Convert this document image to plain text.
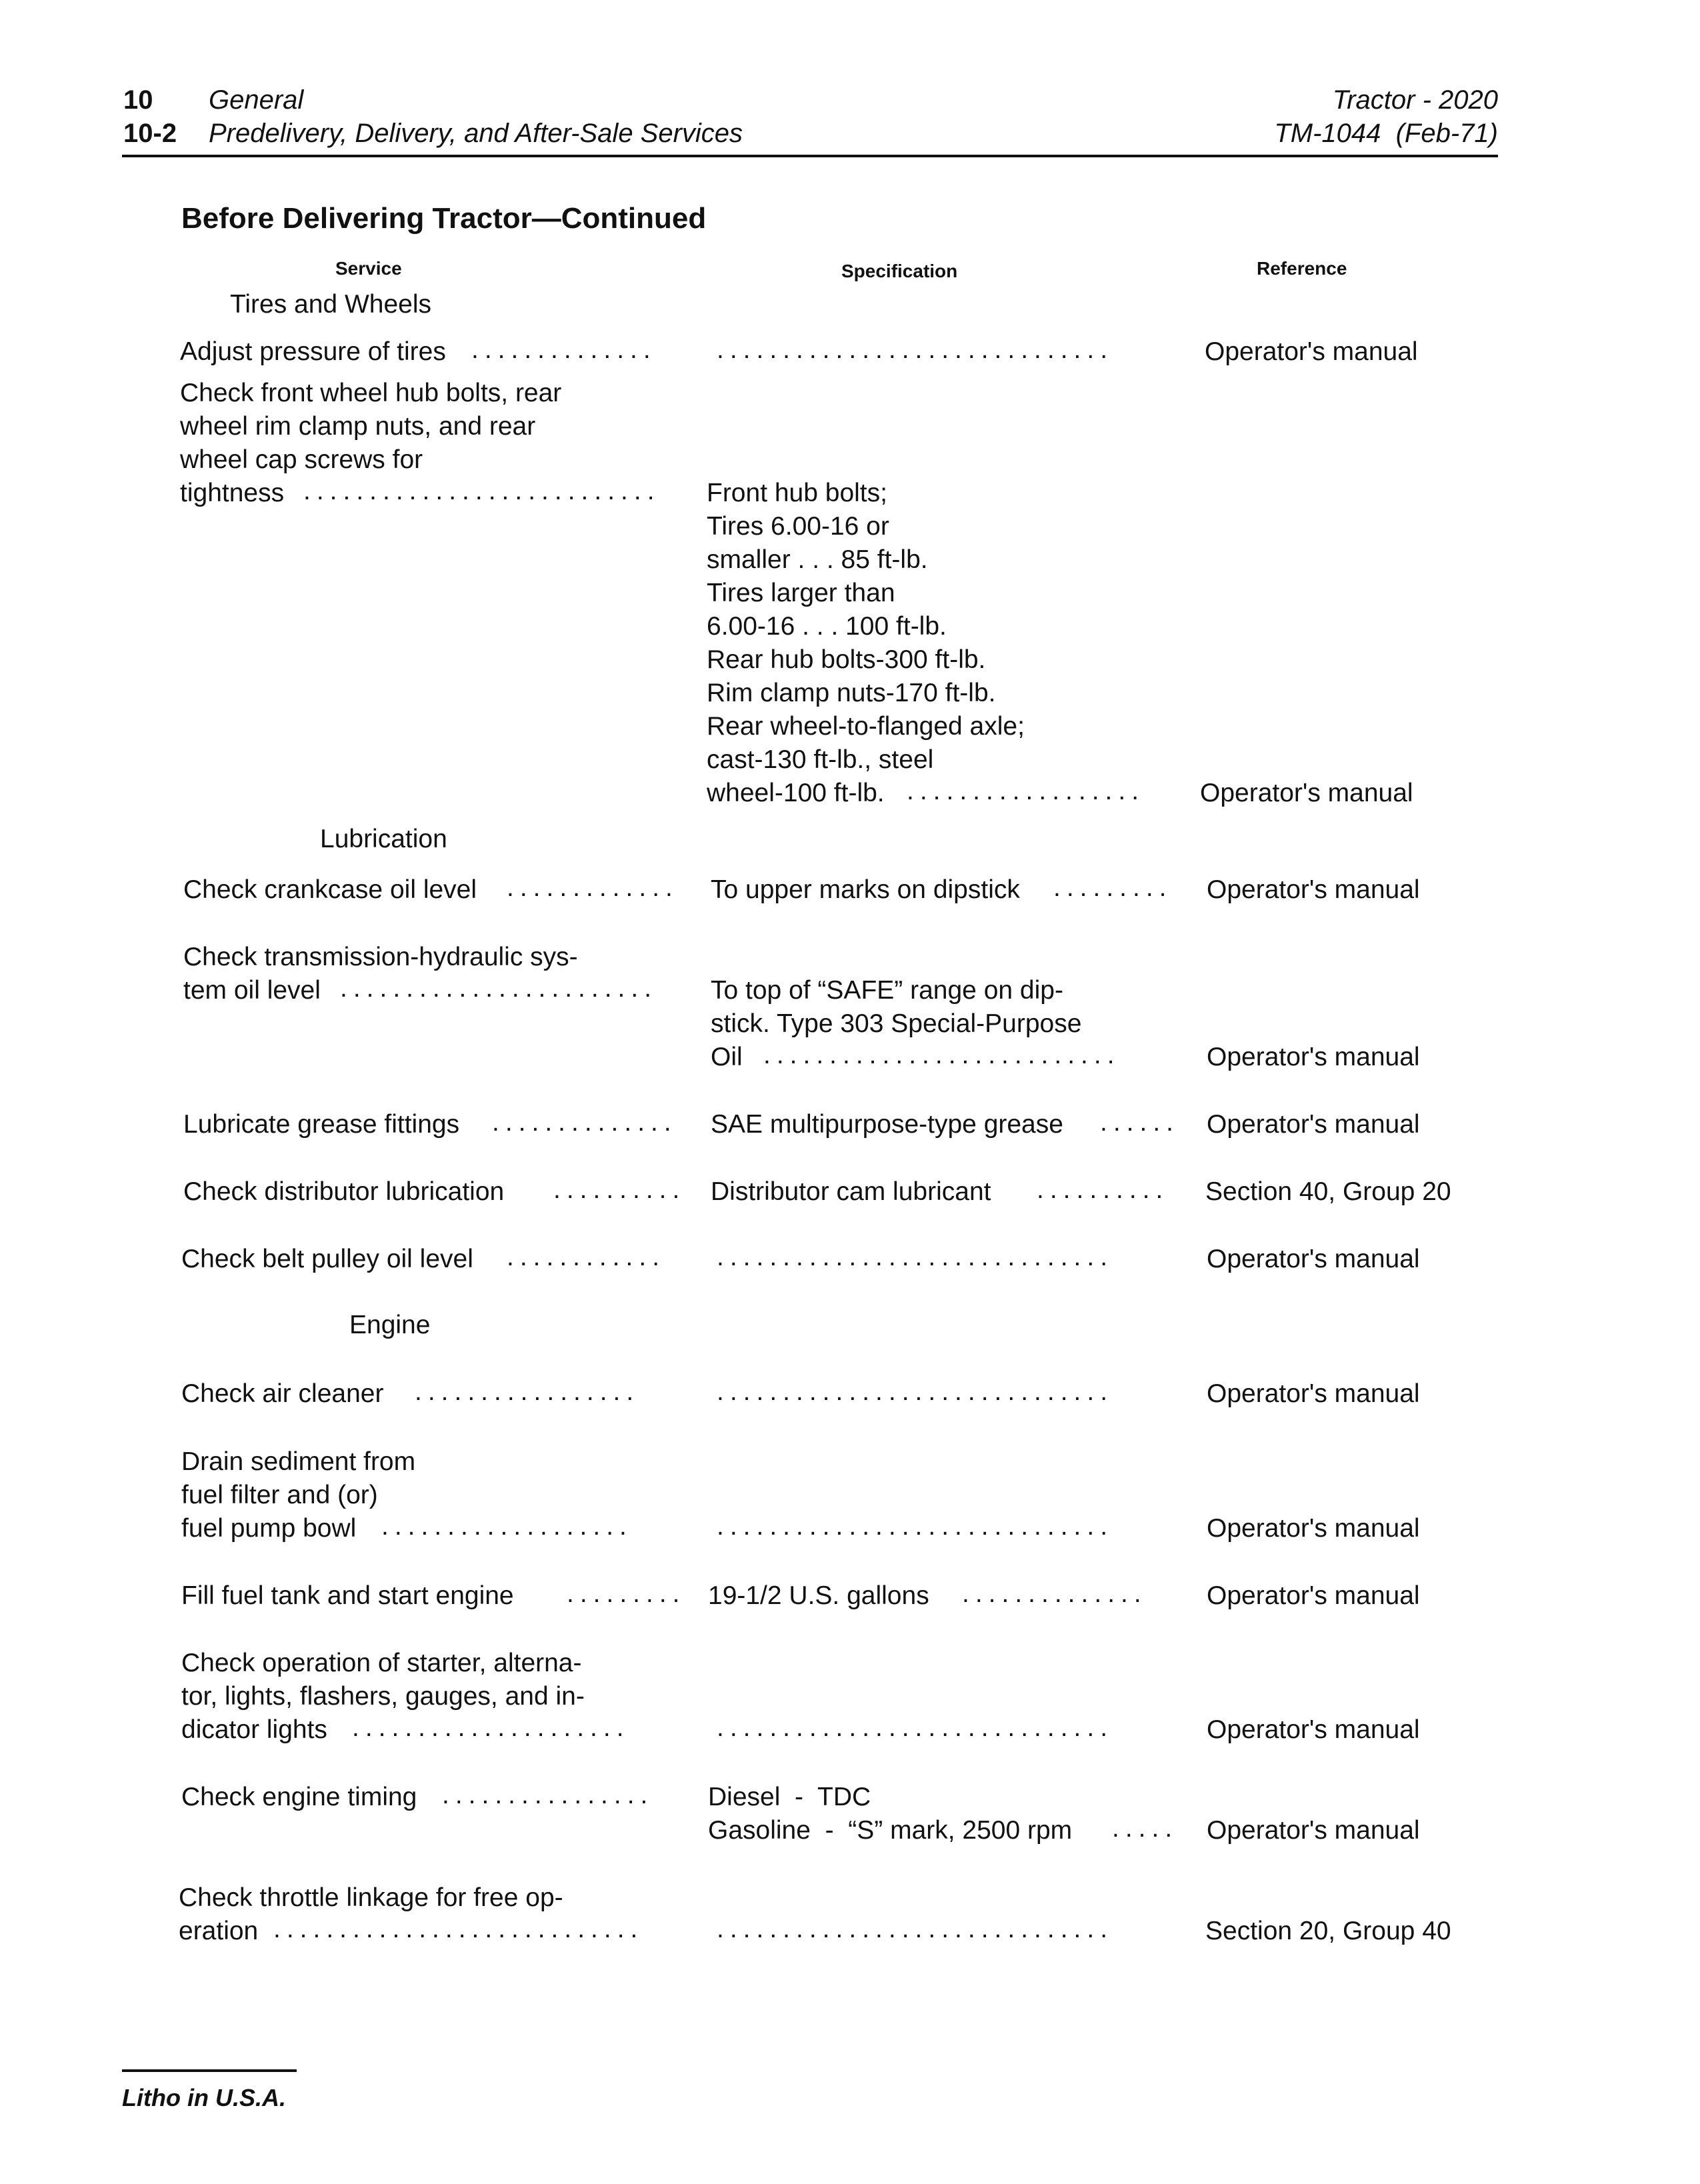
10 General
10-2 Predelivery, Delivery, and After-Sale Services
Tractor - 2020
TM-1044  (Feb-71)
Before Delivering Tractor—Continued
Service	Specification	Reference
Tires and Wheels
Adjust pressure of tires .............. ..............................	Operator's manual
Check front wheel hub bolts, rear
wheel rim clamp nuts, and rear
wheel cap screws for
tightness ........................... Front hub bolts;
Tires 6.00-16 or
smaller . . . 85 ft-lb.
Tires larger than
6.00-16 . . . 100 ft-lb.
Rear hub bolts-300 ft-lb.
Rim clamp nuts-170 ft-lb.
Rear wheel-to-flanged axle;
cast-130 ft-lb., steel
wheel-100 ft-lb. .................. Operator's manual
Lubrication
Check crankcase oil level ............. To upper marks on dipstick ......... Operator's manual
Check transmission-hydraulic sys-
tem oil level ........................ To top of “SAFE” range on dip-
stick. Type 303 Special-Purpose
Oil ...........................	Operator's manual
Lubricate grease fittings .............. SAE multipurpose-type grease ...... Operator's manual
Check distributor lubrication .......... Distributor cam lubricant .......... Section 40, Group 20
Check belt pulley oil level ............ ..............................	Operator's manual
Engine
Check air cleaner .................	..............................	Operator's manual
Drain sediment from
fuel filter and (or)
fuel pump bowl ...................	..............................	Operator's manual
Fill fuel tank and start engine ......... 19-1/2 U.S. gallons .............. Operator's manual
Check operation of starter, alterna-
tor, lights, flashers, gauges, and in-
dicator lights .....................	..............................	Operator's manual
Check engine timing ................ Diesel  -  TDC
Gasoline  -  “S” mark, 2500 rpm ..... Operator's manual
Check throttle linkage for free op-
eration ............................	..............................	Section 20, Group 40
Litho in U.S.A.
